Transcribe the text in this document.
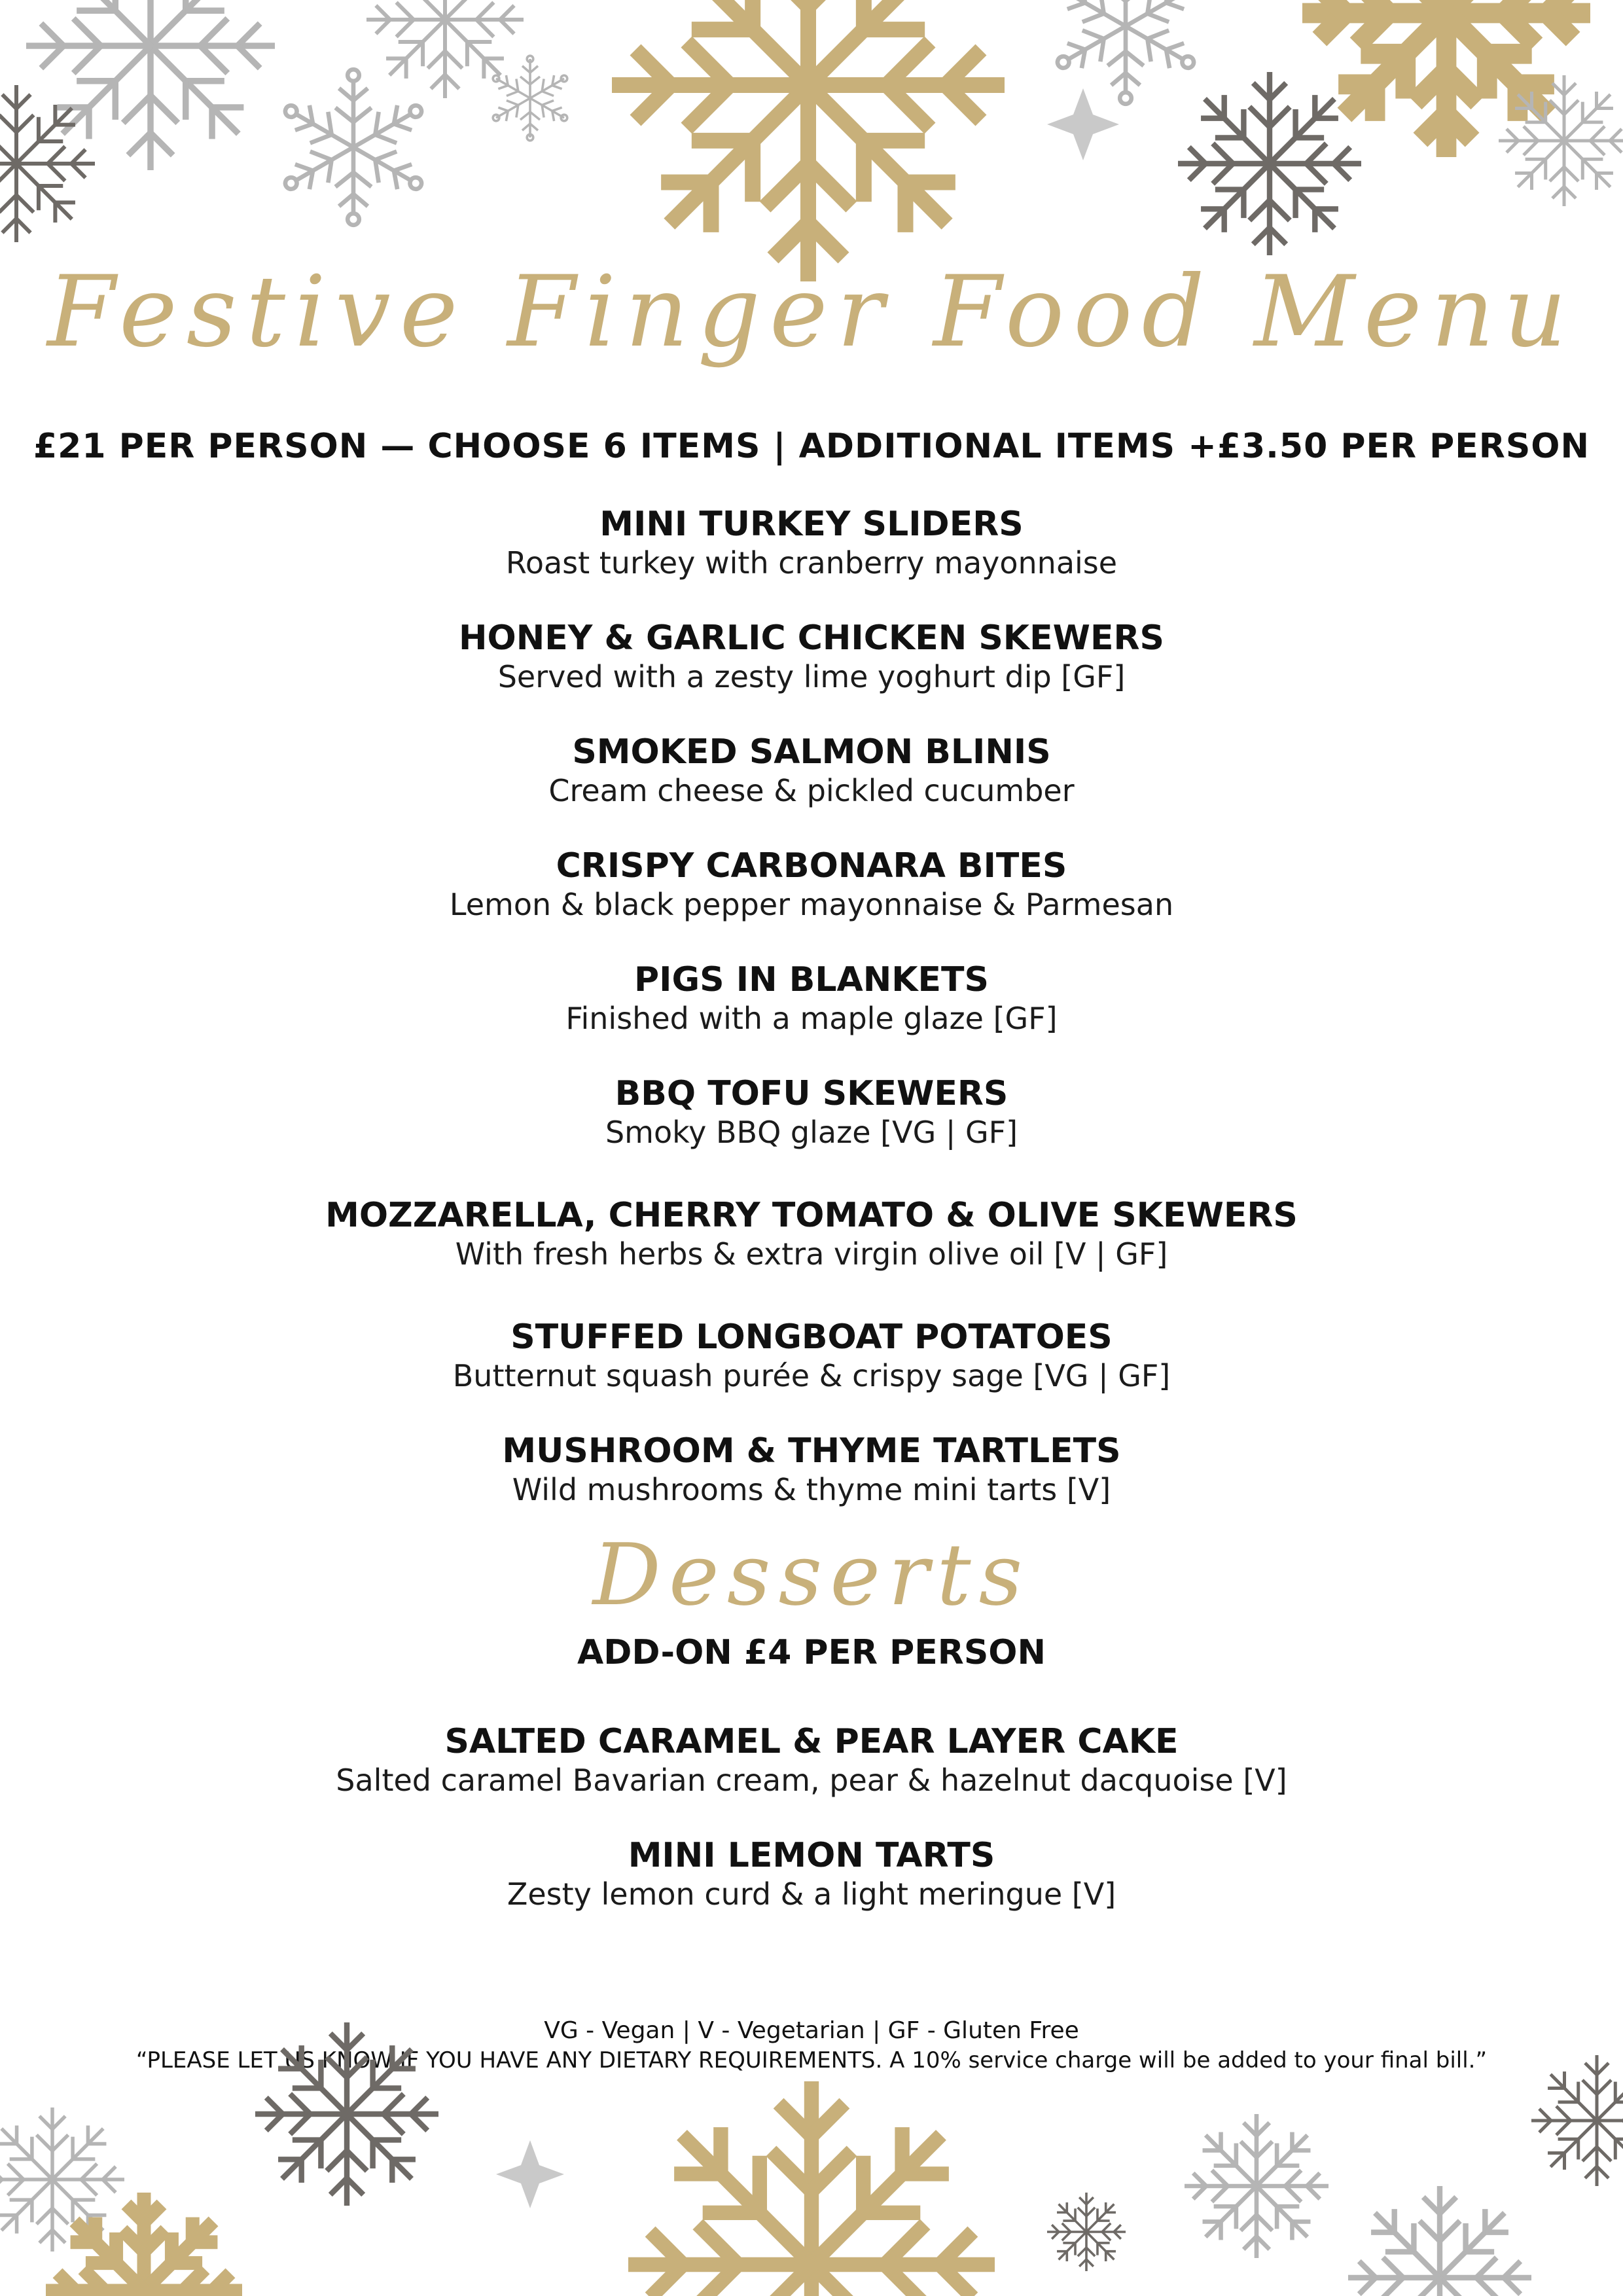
Festive Finger Food Menu
£21 PER PERSON — CHOOSE 6 ITEMS | ADDITIONAL ITEMS +£3.50 PER PERSON
MINI TURKEY SLIDERS
Roast turkey with cranberry mayonnaise
HONEY & GARLIC CHICKEN SKEWERS
Served with a zesty lime yoghurt dip [GF]
SMOKED SALMON BLINIS
Cream cheese & pickled cucumber
CRISPY CARBONARA BITES
Lemon & black pepper mayonnaise & Parmesan
PIGS IN BLANKETS
Finished with a maple glaze [GF]
BBQ TOFU SKEWERS
Smoky BBQ glaze [VG | GF]
MOZZARELLA, CHERRY TOMATO & OLIVE SKEWERS
With fresh herbs & extra virgin olive oil [V | GF]
STUFFED LONGBOAT POTATOES
Butternut squash purée & crispy sage [VG | GF]
MUSHROOM & THYME TARTLETS
Wild mushrooms & thyme mini tarts [V]
Desserts
ADD-ON £4 PER PERSON
SALTED CARAMEL & PEAR LAYER CAKE
Salted caramel Bavarian cream, pear & hazelnut dacquoise [V]
MINI LEMON TARTS
Zesty lemon curd & a light meringue [V]
VG - Vegan | V - Vegetarian | GF - Gluten Free
“PLEASE LET US KNOW IF YOU HAVE ANY DIETARY REQUIREMENTS. A 10% service charge will be added to your final bill.”
